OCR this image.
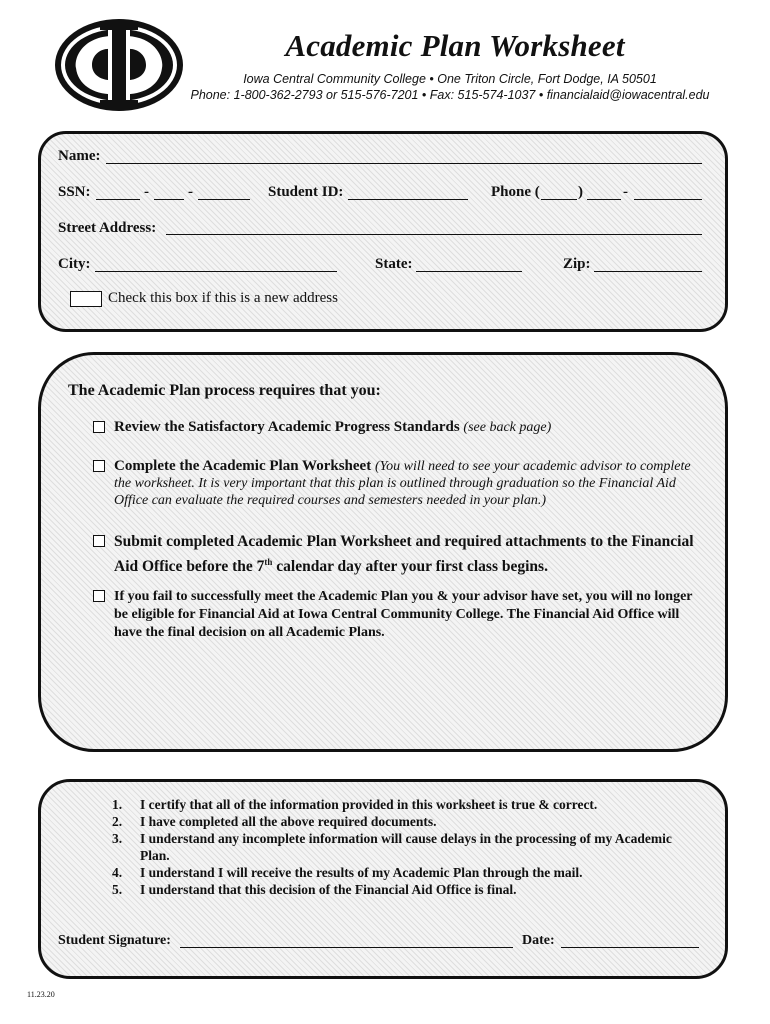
Academic Plan Worksheet
Iowa Central Community College • One Triton Circle, Fort Dodge, IA 50501
Phone: 1-800-362-2793 or 515-576-7201 • Fax: 515-574-1037 • financialaid@iowacentral.edu
Name:
SSN:	-	-	Student ID:	Phone (	)	-
Street Address:
City:	State:	Zip:
Check this box if this is a new address
The Academic Plan process requires that you:
Review the Satisfactory Academic Progress Standards (see back page)
Complete the Academic Plan Worksheet (You will need to see your academic advisor to complete the worksheet. It is very important that this plan is outlined through graduation so the Financial Aid Office can evaluate the required courses and semesters needed in your plan.)
Submit completed Academic Plan Worksheet and required attachments to the Financial Aid Office before the 7th calendar day after your first class begins.
If you fail to successfully meet the Academic Plan you & your advisor have set, you will no longer be eligible for Financial Aid at Iowa Central Community College. The Financial Aid Office will have the final decision on all Academic Plans.
1.	I certify that all of the information provided in this worksheet is true & correct.
2.	I have completed all the above required documents.
3.	I understand any incomplete information will cause delays in the processing of my Academic Plan.
4.	I understand I will receive the results of my Academic Plan through the mail.
5.	I understand that this decision of the Financial Aid Office is final.
Student Signature:	Date:
11.23.20
